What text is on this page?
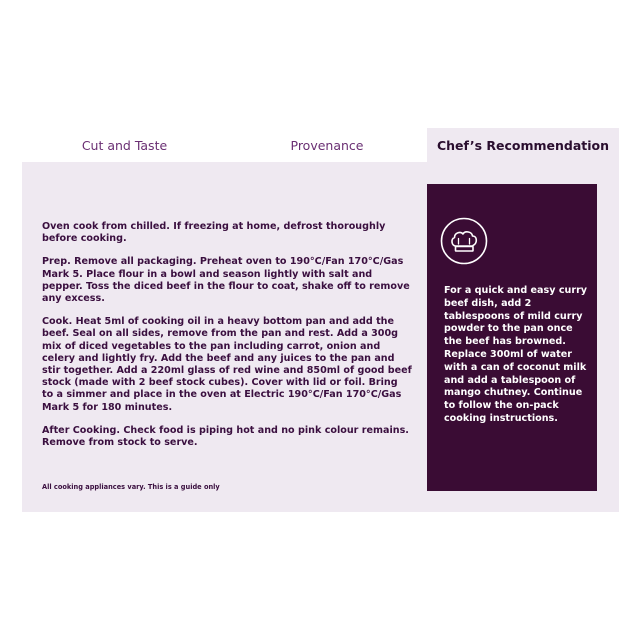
Cut and Taste	Provenance	Chef’s Recommendation

Oven cook from chilled. If freezing at home, defrost thoroughly before cooking.

Prep. Remove all packaging. Preheat oven to 190°C/Fan 170°C/Gas Mark 5. Place flour in a bowl and season lightly with salt and pepper. Toss the diced beef in the flour to coat, shake off to remove any excess.

Cook. Heat 5ml of cooking oil in a heavy bottom pan and add the beef. Seal on all sides, remove from the pan and rest. Add a 300g mix of diced vegetables to the pan including carrot, onion and celery and lightly fry. Add the beef and any juices to the pan and stir together. Add a 220ml glass of red wine and 850ml of good beef stock (made with 2 beef stock cubes). Cover with lid or foil. Bring to a simmer and place in the oven at Electric 190°C/Fan 170°C/Gas Mark 5 for 180 minutes.

After Cooking. Check food is piping hot and no pink colour remains. Remove from stock to serve.

All cooking appliances vary. This is a guide only
For a quick and easy curry beef dish, add 2 tablespoons of mild curry powder to the pan once the beef has browned. Replace 300ml of water with a can of coconut milk and add a tablespoon of mango chutney. Continue to follow the on-pack cooking instructions.
